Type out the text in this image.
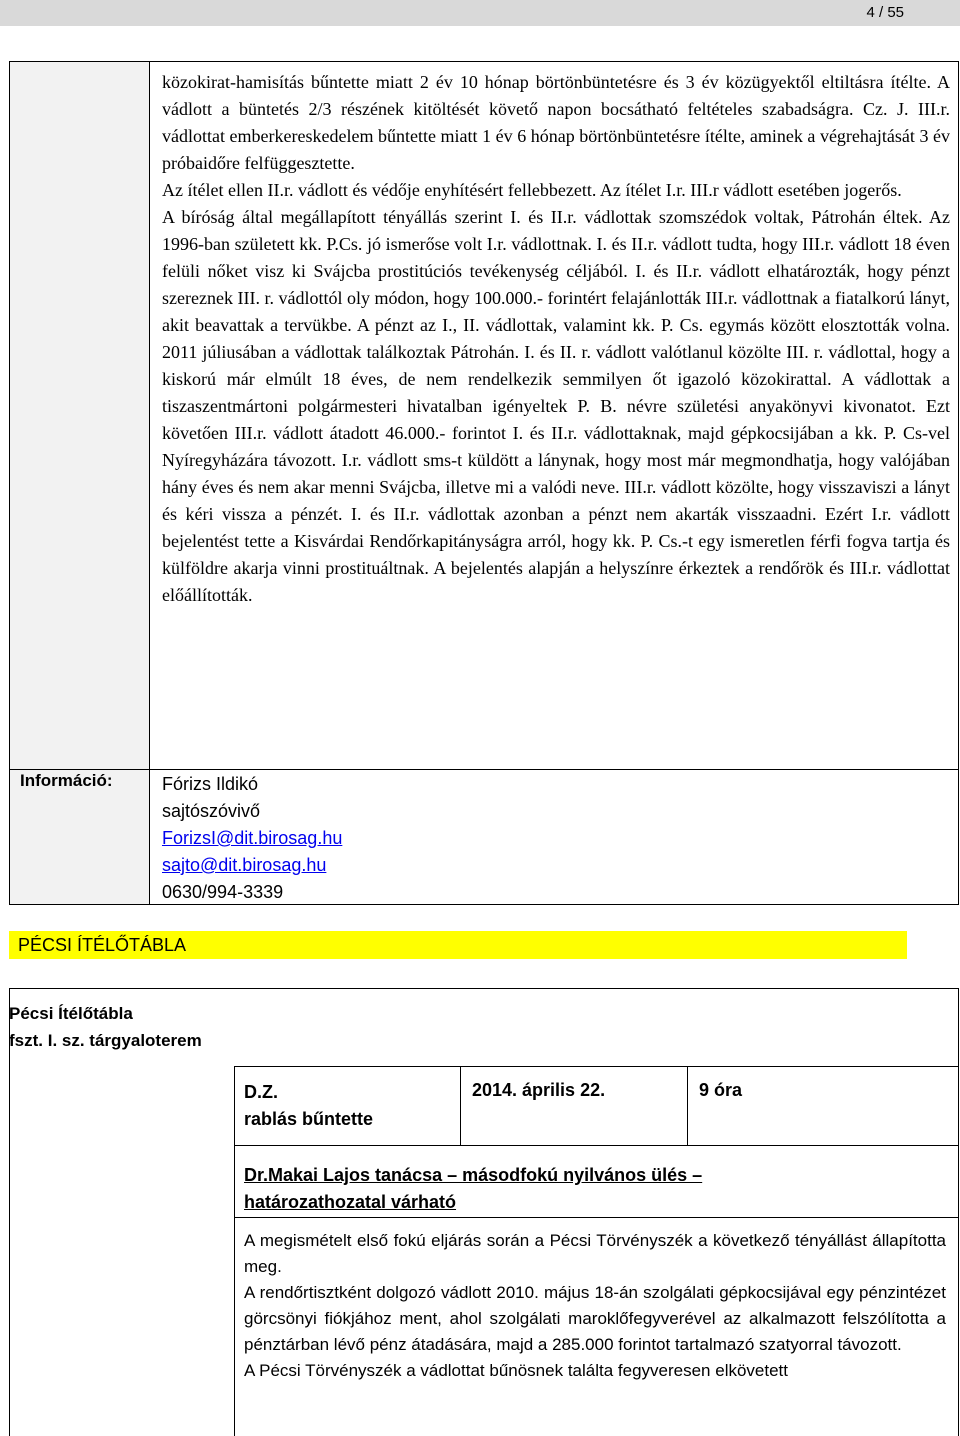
4 / 55
Információ:

közokirat-hamisítás bűntette miatt 2 év 10 hónap börtönbüntetésre és 3 év közügyektől eltiltásra ítélte. A vádlott a büntetés 2/3 részének kitöltését követő napon bocsátható feltételes szabadságra. Cz. J. III.r. vádlottat emberkereskedelem bűntette miatt 1 év 6 hónap börtönbüntetésre ítélte, aminek a végrehajtását 3 év próbaidőre felfüggesztette.

Az ítélet ellen II.r. vádlott és védője enyhítésért fellebbezett. Az ítélet I.r. III.r vádlott esetében jogerős.

A bíróság által megállapított tényállás szerint I. és II.r. vádlottak szomszédok voltak, Pátrohán éltek. Az 1996-ban született kk. P.Cs. jó ismerőse volt I.r. vádlottnak. I. és II.r. vádlott tudta, hogy III.r. vádlott 18 éven felüli nőket visz ki Svájcba prostitúciós tevékenység céljából. I. és II.r. vádlott elhatározták, hogy pénzt szereznek III. r. vádlottól oly módon, hogy 100.000.- forintért felajánlották III.r. vádlottnak a fiatalkorú lányt, akit beavattak a tervükbe. A pénzt az I., II. vádlottak, valamint kk. P. Cs. egymás között elosztották volna. 2011 júliusában a vádlottak találkoztak Pátrohán. I. és II. r. vádlott valótlanul közölte III. r. vádlottal, hogy a kiskorú már elmúlt 18 éves, de nem rendelkezik semmilyen őt igazoló közokirattal. A vádlottak a tiszaszentmártoni polgármesteri hivatalban igényeltek P. B. névre születési anyakönyvi kivonatot. Ezt követően III.r. vádlott átadott 46.000.- forintot I. és II.r. vádlottaknak, majd gépkocsijában a kk. P. Cs-vel Nyíregyházára távozott. I.r. vádlott sms-t küldött a lánynak, hogy most már megmondhatja, hogy valójában hány éves és nem akar menni Svájcba, illetve mi a valódi neve. III.r. vádlott közölte, hogy visszaviszi a lányt és kéri vissza a pénzét. I. és II.r. vádlottak azonban a pénzt nem akarták visszaadni. Ezért I.r. vádlott bejelentést tette a Kisvárdai Rendőrkapitányságra arról, hogy kk. P. Cs.-t egy ismeretlen férfi fogva tartja és külföldre akarja vinni prostituáltnak. A bejelentés alapján a helyszínre érkeztek a rendőrök és III.r. vádlottat előállították.

Fórizs Ildikó
sajtószóvivő
ForizsI@dit.birosag.hu
sajto@dit.birosag.hu
0630/994-3339
PÉCSI ÍTÉLŐTÁBLA
Pécsi Ítélőtábla
fszt. I. sz. tárgyaloterem
D.Z.
rablás bűntette
2014. április 22.	9 óra
Dr.Makai Lajos tanácsa – másodfokú nyilvános ülés –
határozathozatal várható

A megismételt első fokú eljárás során a Pécsi Törvényszék a következő tényállást állapította meg.

A rendőrtisztként dolgozó vádlott 2010. május 18-án szolgálati gépkocsijával egy pénzintézet görcsönyi fiókjához ment, ahol szolgálati maroklőfegyverével az alkalmazott felszólította a pénztárban lévő pénz átadására, majd a 285.000 forintot tartalmazó szatyorral távozott.

A Pécsi Törvényszék a vádlottat bűnösnek találta fegyveresen elkövetett
